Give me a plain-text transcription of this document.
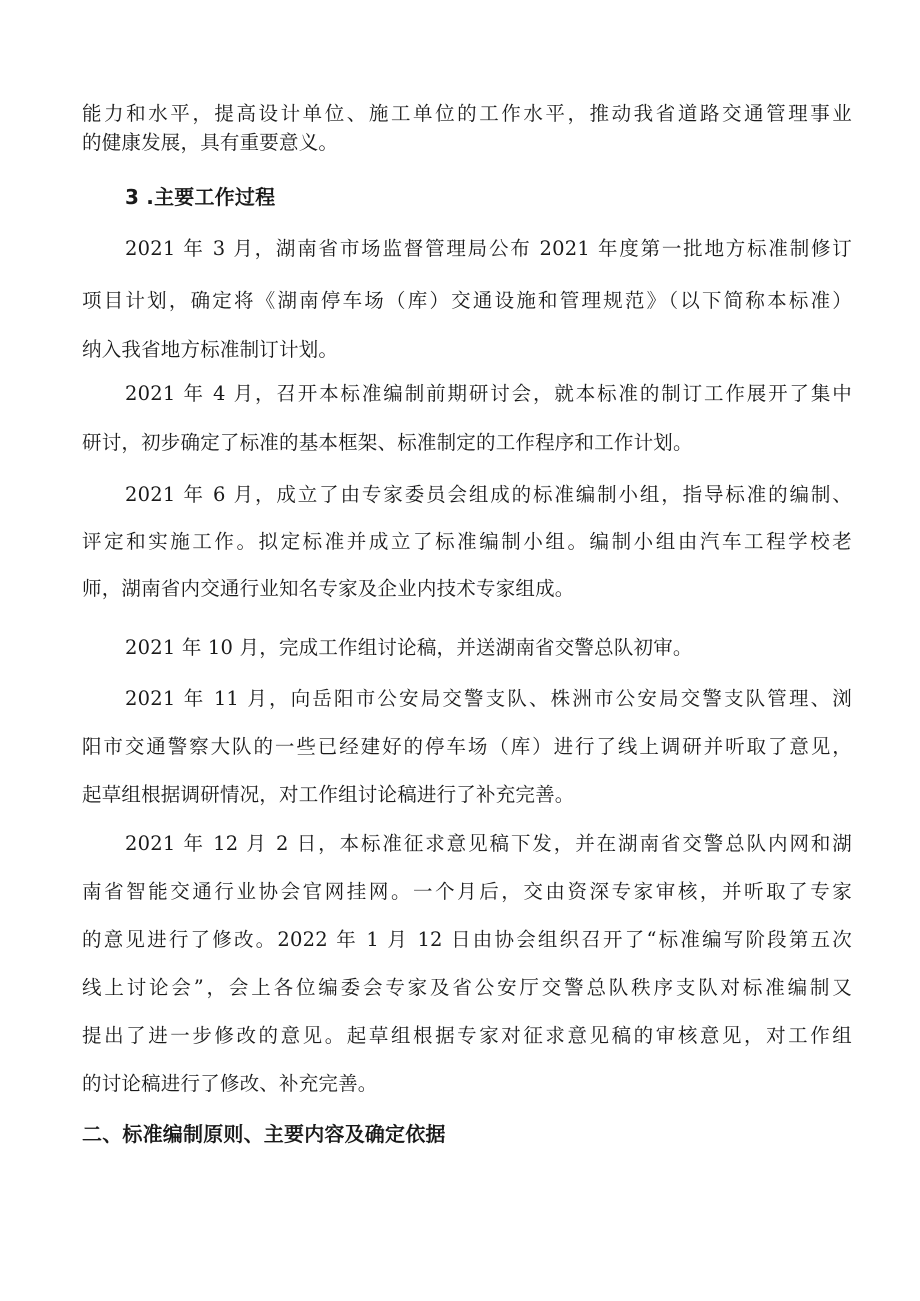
能力和水平，提高设计单位、施工单位的工作水平，推动我省道路交通管理事业
的健康发展，具有重要意义。
3 .主要工作过程
2021 年 3 月，湖南省市场监督管理局公布 2021 年度第一批地方标准制修订
项目计划，确定将《湖南停车场（库）交通设施和管理规范》（以下简称本标准）
纳入我省地方标准制订计划。
2021 年 4 月，召开本标准编制前期研讨会，就本标准的制订工作展开了集中
研讨，初步确定了标准的基本框架、标准制定的工作程序和工作计划。
2021 年 6 月，成立了由专家委员会组成的标准编制小组，指导标准的编制、
评定和实施工作。拟定标准并成立了标准编制小组。编制小组由汽车工程学校老
师，湖南省内交通行业知名专家及企业内技术专家组成。
2021 年 10 月，完成工作组讨论稿，并送湖南省交警总队初审。
2021 年 11 月，向岳阳市公安局交警支队、株洲市公安局交警支队管理、浏
阳市交通警察大队的一些已经建好的停车场（库）进行了线上调研并听取了意见，
起草组根据调研情况，对工作组讨论稿进行了补充完善。
2021 年 12 月 2 日，本标准征求意见稿下发，并在湖南省交警总队内网和湖
南省智能交通行业协会官网挂网。一个月后，交由资深专家审核，并听取了专家
的意见进行了修改。2022 年 1 月 12 日由协会组织召开了“标准编写阶段第五次
线上讨论会”，会上各位编委会专家及省公安厅交警总队秩序支队对标准编制又
提出了进一步修改的意见。起草组根据专家对征求意见稿的审核意见，对工作组
的讨论稿进行了修改、补充完善。
二、标准编制原则、主要内容及确定依据
